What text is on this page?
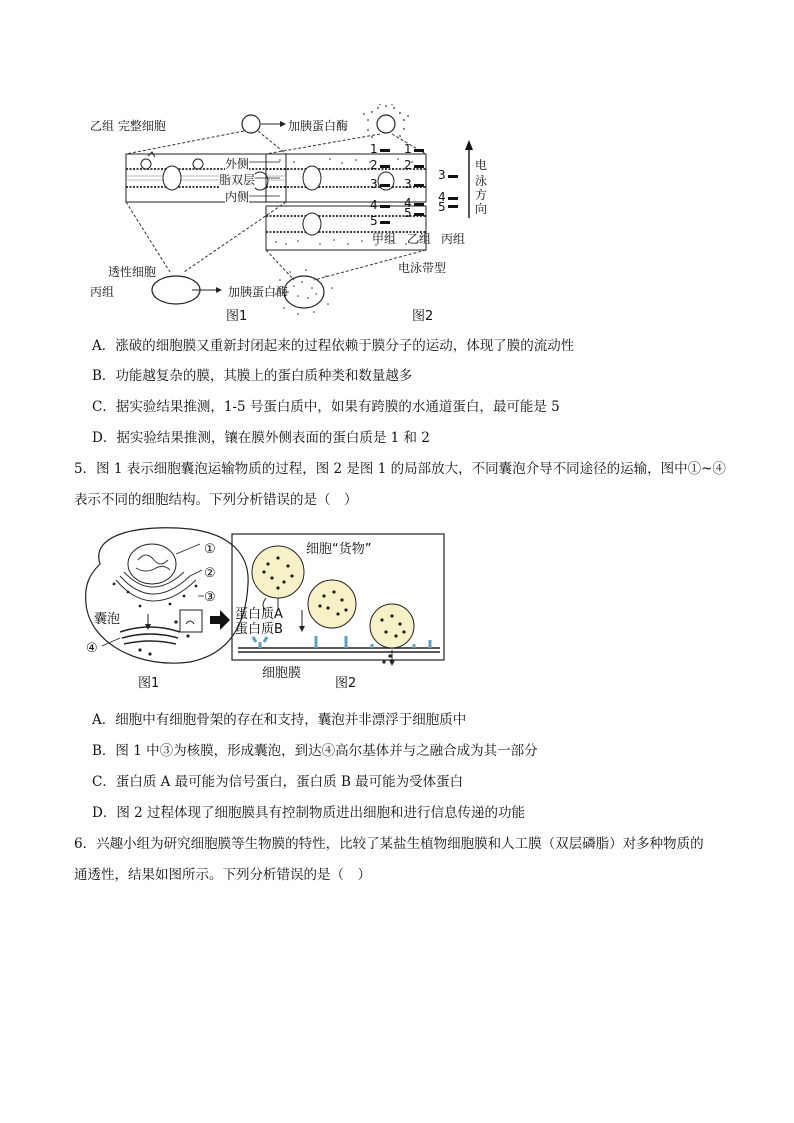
乙组 完整细胞	加胰蛋白酶
外侧
脂双层
内侧
透性细胞
丙组	加胰蛋白酶
图1
1
2
3
4
5
1
2
3
4
5
3
4
5
电
泳
方
向
甲组 乙组 丙组
电泳带型
图2
A．涨破的细胞膜又重新封闭起来的过程依赖于膜分子的运动，体现了膜的流动性
B．功能越复杂的膜，其膜上的蛋白质种类和数量越多
C．据实验结果推测，1-5 号蛋白质中，如果有跨膜的水通道蛋白，最可能是 5
D．据实验结果推测，镶在膜外侧表面的蛋白质是 1 和 2
5．图 1 表示细胞囊泡运输物质的过程，图 2 是图 1 的局部放大，不同囊泡介导不同途径的运输，图中①~④
表示不同的细胞结构。下列分析错误的是（　）
①
②
③
④
囊泡
细胞“货物”
蛋白质A
蛋白质B
细胞膜
图1	图2
A．细胞中有细胞骨架的存在和支持，囊泡并非漂浮于细胞质中
B．图 1 中③为核膜，形成囊泡，到达④高尔基体并与之融合成为其一部分
C．蛋白质 A 最可能为信号蛋白，蛋白质 B 最可能为受体蛋白
D．图 2 过程体现了细胞膜具有控制物质进出细胞和进行信息传递的功能
6．兴趣小组为研究细胞膜等生物膜的特性，比较了某盐生植物细胞膜和人工膜（双层磷脂）对多种物质的
通透性，结果如图所示。下列分析错误的是（　）
